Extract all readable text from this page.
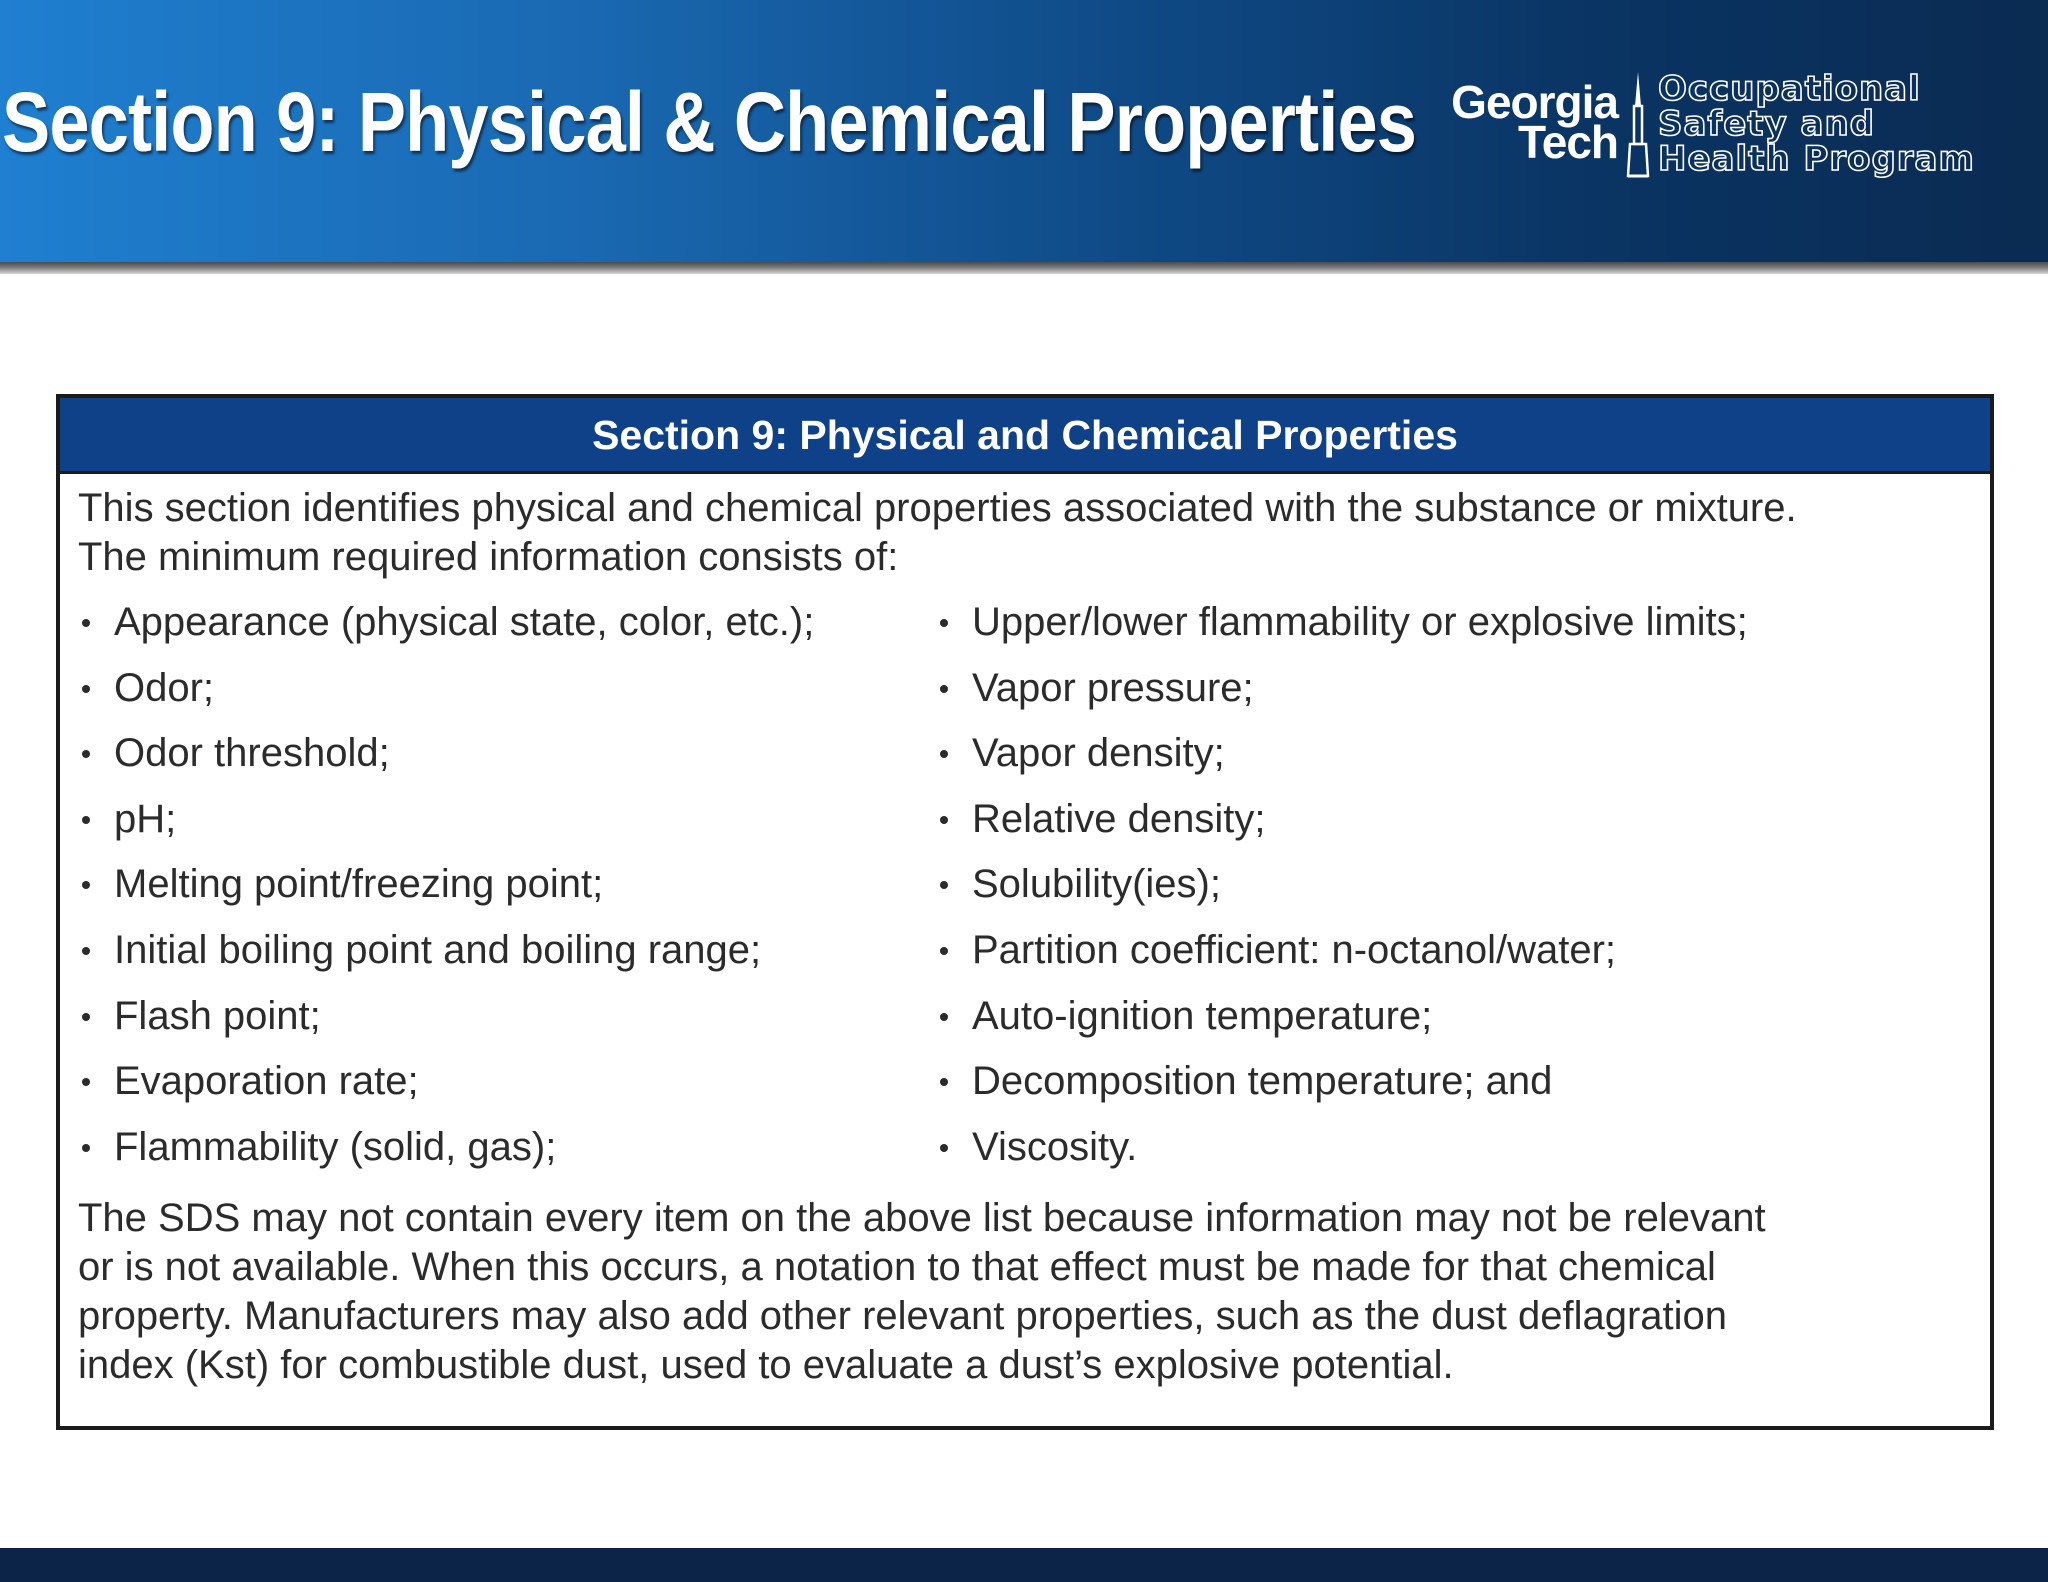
Section 9: Physical & Chemical Properties Georgia
Tech
Occupational
Safety and
Health Program
Section 9: Physical and Chemical Properties

This section identifies physical and chemical properties associated with the substance or mixture.

The minimum required information consists of:

Appearance (physical state, color, etc.);
Odor;
Odor threshold;
pH;
Melting point/freezing point;
Initial boiling point and boiling range;
Flash point;
Evaporation rate;
Flammability (solid, gas);
Upper/lower flammability or explosive limits;
Vapor pressure;
Vapor density;
Relative density;
Solubility(ies);
Partition coefficient: n-octanol/water;
Auto-ignition temperature;
Decomposition temperature; and
Viscosity.

The SDS may not contain every item on the above list because information may not be relevant

or is not available. When this occurs, a notation to that effect must be made for that chemical

property. Manufacturers may also add other relevant properties, such as the dust deflagration

index (Kst) for combustible dust, used to evaluate a dust’s explosive potential.
